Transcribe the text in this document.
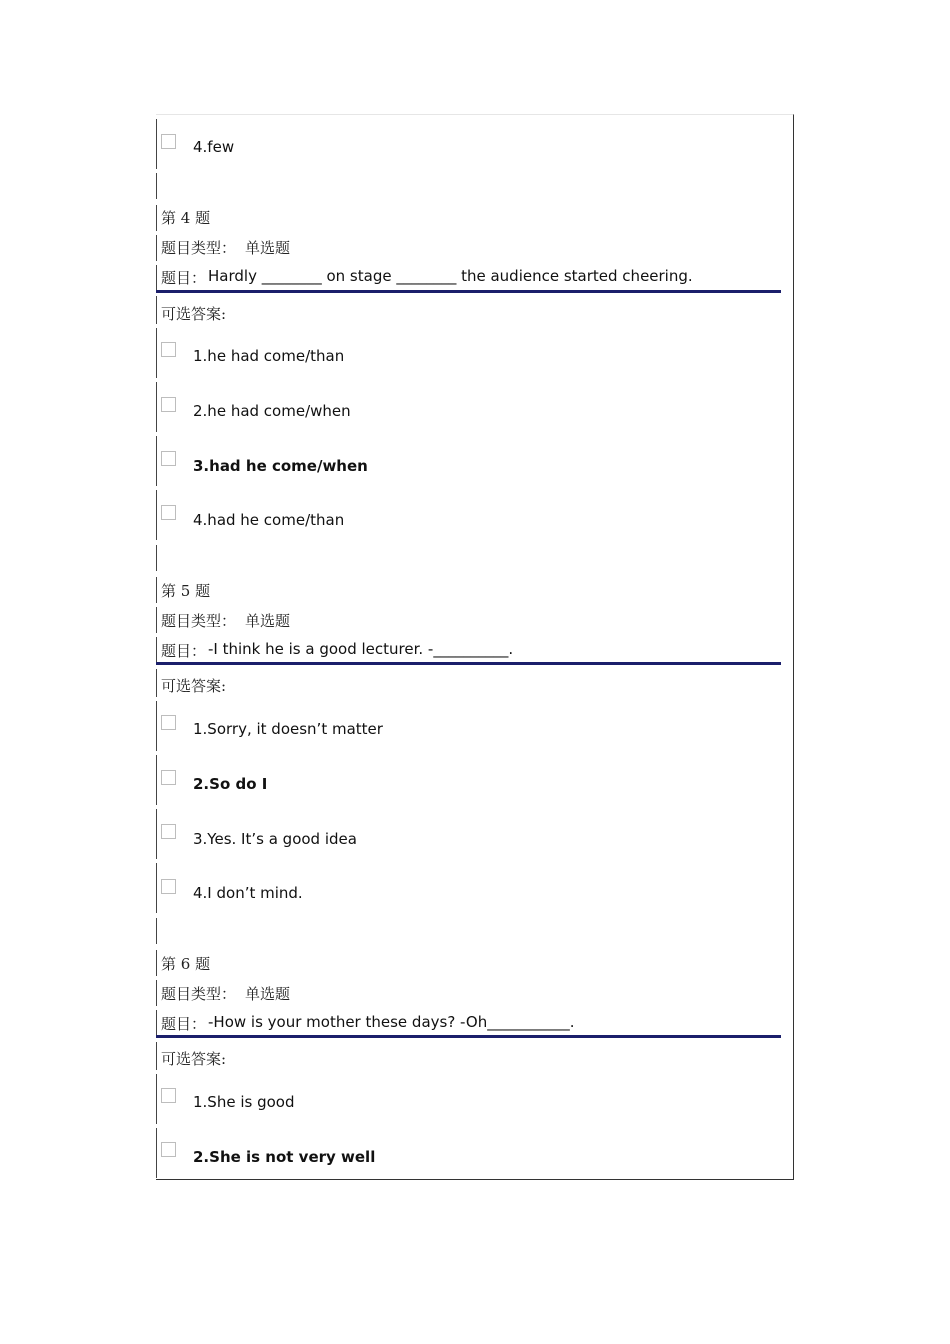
4.few
第 4 题
题目类型： 单选题
题目： Hardly ________ on stage ________ the audience started cheering.
可选答案:
1.he had come/than
2.he had come/when
3.had he come/when
4.had he come/than
第 5 题
题目类型： 单选题
题目： -I think he is a good lecturer. -__________.
可选答案:
1.Sorry, it doesn’t matter
2.So do I
3.Yes. It’s a good idea
4.I don’t mind.
第 6 题
题目类型： 单选题
题目： -How is your mother these days? -Oh___________.
可选答案:
1.She is good
2.She is not very well
